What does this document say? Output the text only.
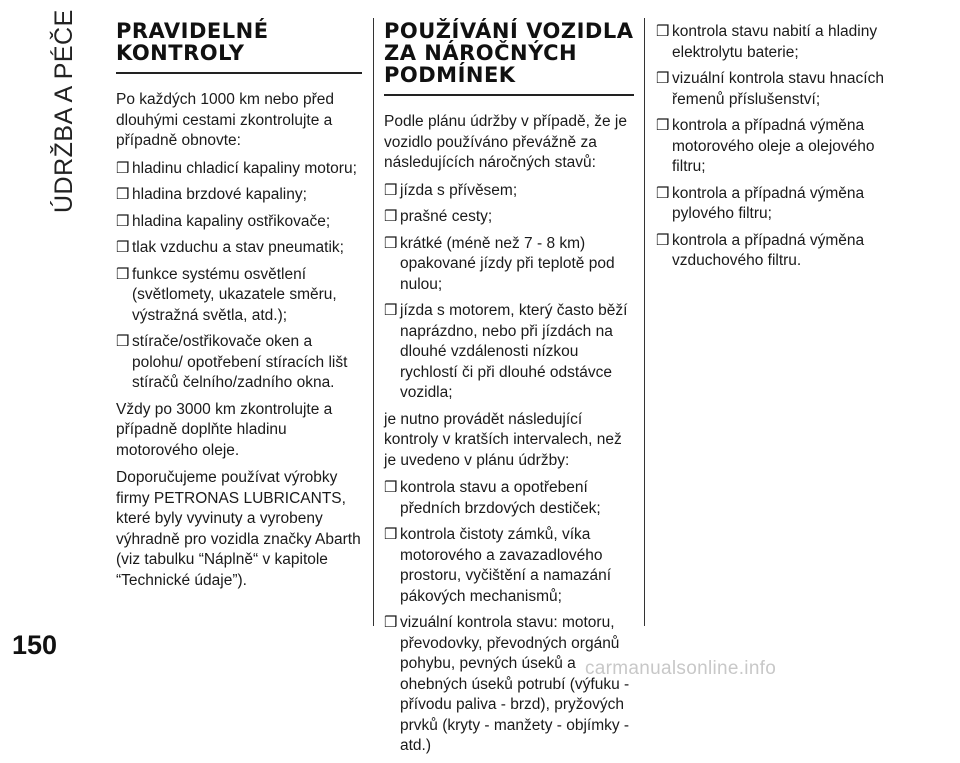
ÚDRŽBA A PÉČE
150
PRAVIDELNÉ
KONTROLY

Po každých 1000 km nebo před dlouhými cestami zkontrolujte a případně obnovte:

❒ hladinu chladicí kapaliny motoru;
❒ hladina brzdové kapaliny;
❒ hladina kapaliny ostřikovače;
❒ tlak vzduchu a stav pneumatik;
❒ funkce systému osvětlení (světlomety, ukazatele směru, výstražná světla, atd.);
❒ stírače/ostřikovače oken a polohu/ opotřebení stíracích lišt stíračů čelního/zadního okna.

Vždy po 3000 km zkontrolujte a případně doplňte hladinu motorového oleje.

Doporučujeme používat výrobky firmy PETRONAS LUBRICANTS, které byly vyvinuty a vyrobeny výhradně pro vozidla značky Abarth (viz tabulku “Náplně“ v kapitole “Technické údaje”).

POUŽÍVÁNÍ VOZIDLA
ZA NÁROČNÝCH
PODMÍNEK

Podle plánu údržby v případě, že je vozidlo používáno převážně za následujících náročných stavů:

❒ jízda s přívěsem;
❒ prašné cesty;
❒ krátké (méně než 7 - 8 km) opakované jízdy při teplotě pod nulou;
❒ jízda s motorem, který často běží naprázdno, nebo při jízdách na dlouhé vzdálenosti nízkou rychlostí či při dlouhé odstávce vozidla;

je nutno provádět následující kontroly v kratších intervalech, než je uvedeno v plánu údržby:

❒ kontrola stavu a opotřebení předních brzdových destiček;
❒ kontrola čistoty zámků, víka motorového a zavazadlového prostoru, vyčištění a namazání pákových mechanismů;
❒ vizuální kontrola stavu: motoru, převodovky, převodných orgánů pohybu, pevných úseků a ohebných úseků potrubí (výfuku - přívodu paliva - brzd), pryžových prvků (kryty - manžety - objímky - atd.)
❒ kontrola stavu nabití a hladiny elektrolytu baterie;
❒ vizuální kontrola stavu hnacích řemenů příslušenství;
❒ kontrola a případná výměna motorového oleje a olejového filtru;
❒ kontrola a případná výměna pylového filtru;
❒ kontrola a případná výměna vzduchového filtru.
carmanualsonline.info
